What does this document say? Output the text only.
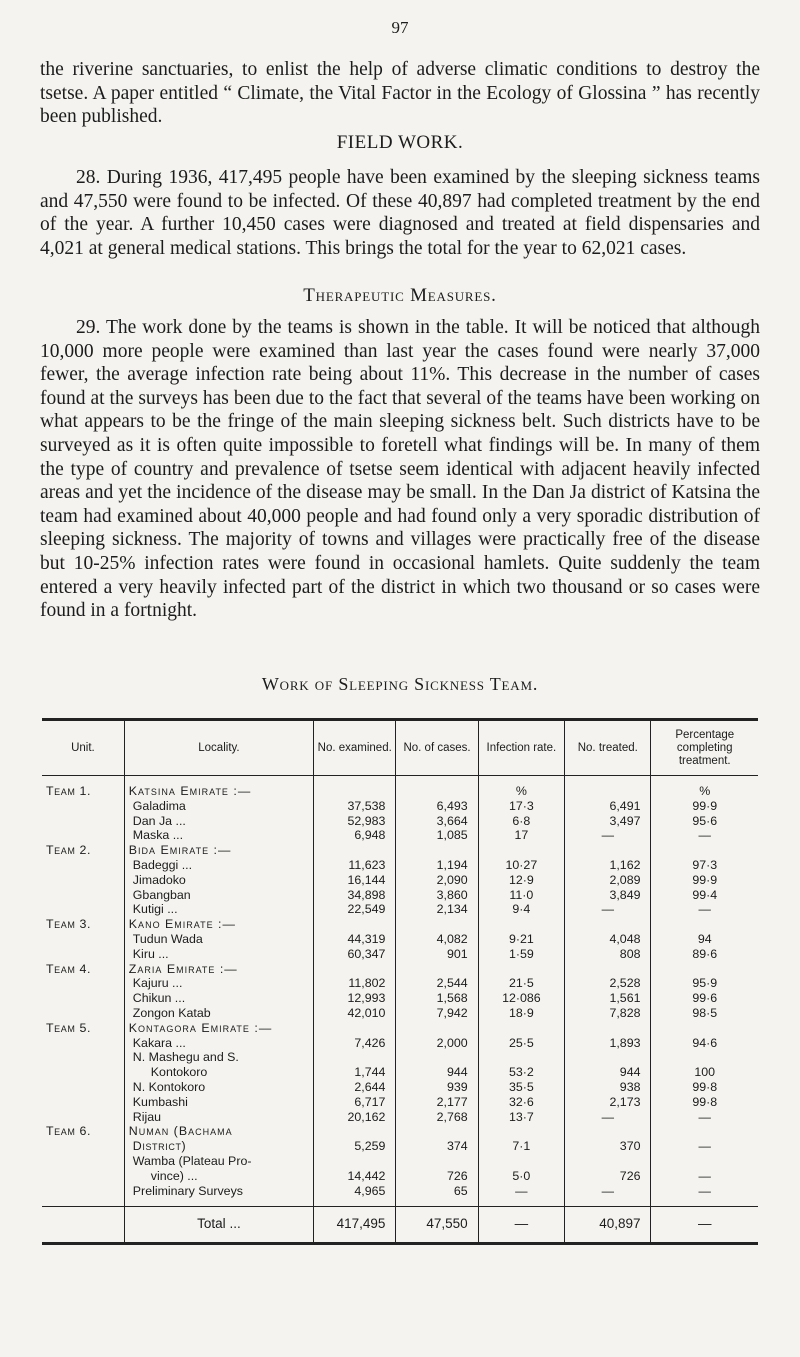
97
the riverine sanctuaries, to enlist the help of adverse climatic conditions to destroy the tsetse. A paper entitled “ Climate, the Vital Factor in the Ecology of Glossina ” has recently been published.
FIELD WORK.
28. During 1936, 417,495 people have been examined by the sleeping sickness teams and 47,550 were found to be infected. Of these 40,897 had completed treatment by the end of the year. A further 10,450 cases were diagnosed and treated at field dispensaries and 4,021 at general medical stations. This brings the total for the year to 62,021 cases.
Therapeutic Measures.
29. The work done by the teams is shown in the table. It will be noticed that although 10,000 more people were examined than last year the cases found were nearly 37,000 fewer, the average infection rate being about 11%. This decrease in the number of cases found at the surveys has been due to the fact that several of the teams have been working on what appears to be the fringe of the main sleeping sickness belt. Such districts have to be surveyed as it is often quite impossible to foretell what findings will be. In many of them the type of country and prevalence of tsetse seem identical with adjacent heavily infected areas and yet the incidence of the disease may be small. In the Dan Ja district of Katsina the team had examined about 40,000 people and had found only a very sporadic distribution of sleeping sickness. The majority of towns and villages were practically free of the disease but 10-25% infection rates were found in occasional hamlets. Quite suddenly the team entered a very heavily infected part of the district in which two thousand or so cases were found in a fortnight.
Work of Sleeping Sickness Team.
Unit.	Locality.	No. examined.	No. of cases.	Infection rate.	No. treated.	Percentage completing treatment.

Team 1.	Katsina Emirate :—			%		%
	Galadima	37,538	6,493	17·3	6,491	99·9
	Dan Ja ...	52,983	3,664	6·8	3,497	95·6
	Maska ...	6,948	1,085	17	—	—
Team 2.	Bida Emirate :—					
	Badeggi ...	11,623	1,194	10·27	1,162	97·3
	Jimadoko	16,144	2,090	12·9	2,089	99·9
	Gbangban	34,898	3,860	11·0	3,849	99·4
	Kutigi ...	22,549	2,134	9·4	—	—
Team 3.	Kano Emirate :—					
	Tudun Wada	44,319	4,082	9·21	4,048	94
	Kiru ...	60,347	901	1·59	808	89·6
Team 4.	Zaria Emirate :—					
	Kajuru ...	11,802	2,544	21·5	2,528	95·9
	Chikun ...	12,993	1,568	12·086	1,561	99·6
	Zongon Katab	42,010	7,942	18·9	7,828	98·5
Team 5.	Kontagora Emirate :—					
	Kakara ...	7,426	2,000	25·5	1,893	94·6
	N. Mashegu and S.					
	Kontokoro	1,744	944	53·2	944	100
	N. Kontokoro	2,644	939	35·5	938	99·8
	Kumbashi	6,717	2,177	32·6	2,173	99·8
	Rijau	20,162	2,768	13·7	—	—
Team 6.	Numan (Bachama					
	District)	5,259	374	7·1	370	—
	Wamba (Plateau Pro-					
	vince) ...	14,442	726	5·0	726	—
	Preliminary Surveys	4,965	65	—	—	—

	Total ...	417,495	47,550	—	40,897	—
